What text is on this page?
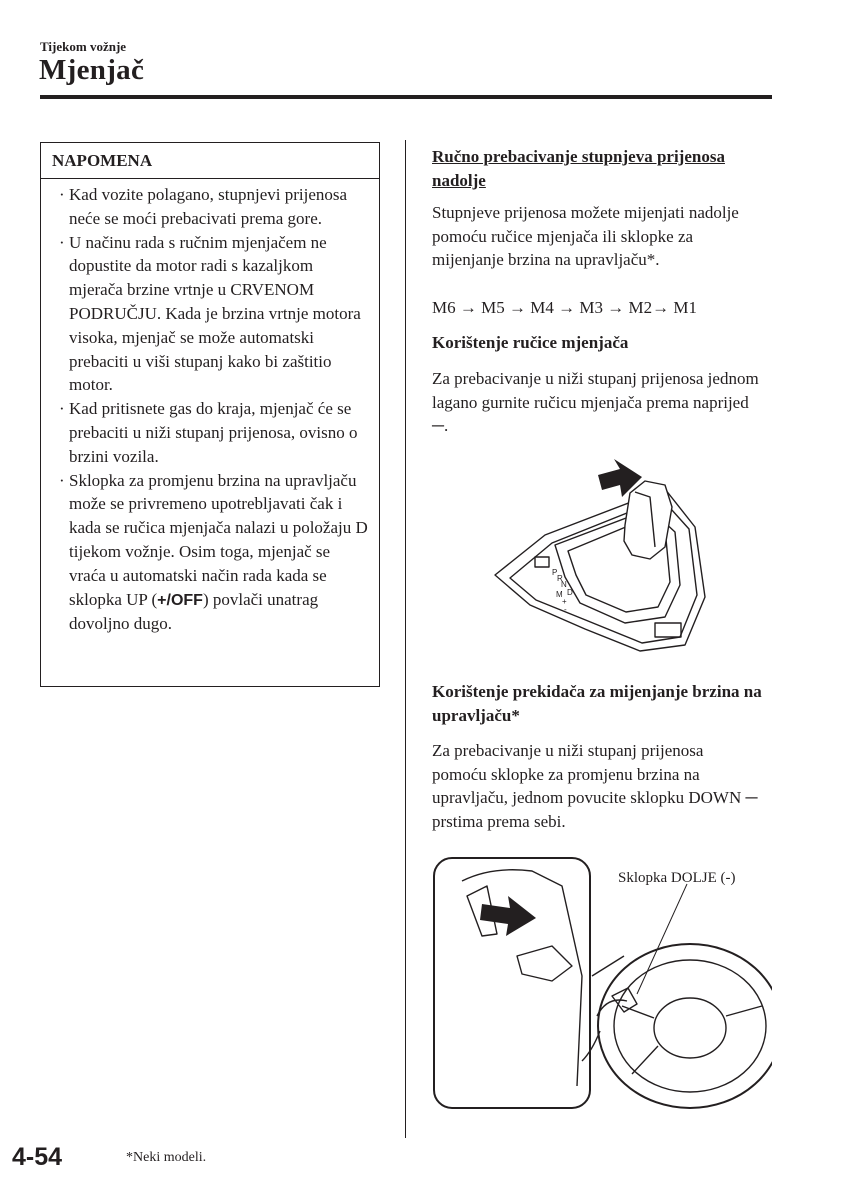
Tijekom vožnje
Mjenjač
NAPOMENA
· Kad vozite polagano, stupnjevi prijenosa neće se moći prebacivati prema gore.
· U načinu rada s ručnim mjenjačem ne dopustite da motor radi s kazaljkom mjerača brzine vrtnje u CRVENOM PODRUČJU. Kada je brzina vrtnje motora visoka, mjenjač se može automatski prebaciti u viši stupanj kako bi zaštitio motor.
· Kad pritisnete gas do kraja, mjenjač će se prebaciti u niži stupanj prijenosa, ovisno o brzini vozila.
· Sklopka za promjenu brzina na upravljaču može se privremeno upotrebljavati čak i kada se ručica mjenjača nalazi u položaju D tijekom vožnje. Osim toga, mjenjač se vraća u automatski način rada kada se sklopka UP (+/OFF) povlači unatrag dovoljno dugo.
Ručno prebacivanje stupnjeva prijenosa nadolje
Stupnjeve prijenosa možete mijenjati nadolje pomoću ručice mjenjača ili sklopke za mijenjanje brzina na upravljaču*.
M6 → M5 → M4 → M3 → M2→ M1
Korištenje ručice mjenjača
Za prebacivanje u niži stupanj prijenosa jednom lagano gurnite ručicu mjenjača prema naprijed ─.
P
R
N
D
M
+
-
Korištenje prekidača za mijenjanje brzina na upravljaču*
Za prebacivanje u niži stupanj prijenosa pomoću sklopke za promjenu brzina na upravljaču, jednom povucite sklopku DOWN ─ prstima prema sebi.
Sklopka DOLJE (-)
4-54	*Neki modeli.
